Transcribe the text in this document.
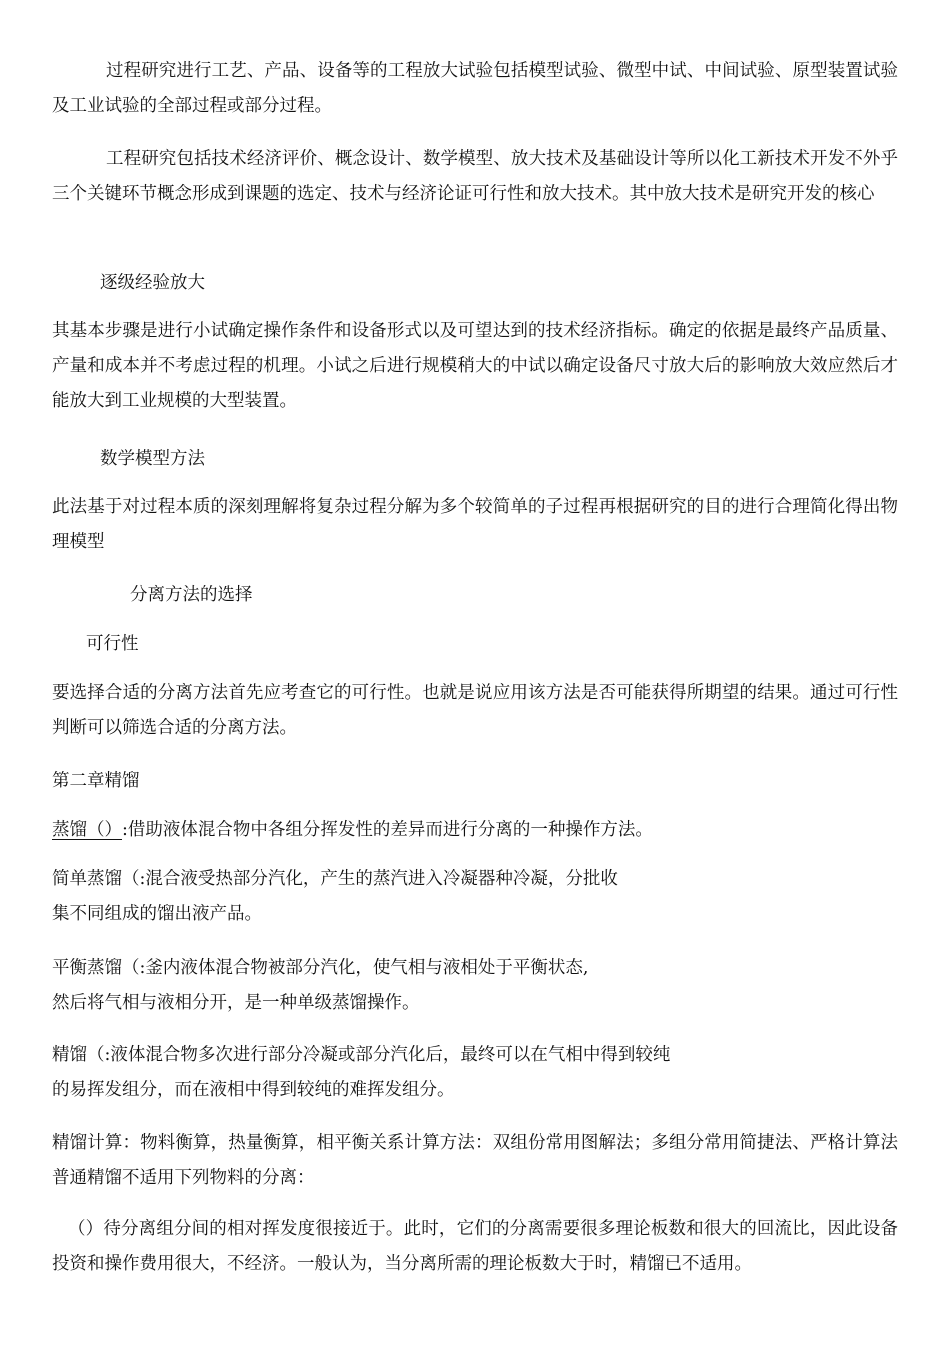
过程研究进行工艺、产品、设备等的工程放大试验包括模型试验、微型中试、中间试验、原型装置试验及工业试验的全部过程或部分过程。

工程研究包括技术经济评价、概念设计、数学模型、放大技术及基础设计等所以化工新技术开发不外乎三个关键环节概念形成到课题的选定、技术与经济论证可行性和放大技术。其中放大技术是研究开发的核心

逐级经验放大

其基本步骤是进行小试确定操作条件和设备形式以及可望达到的技术经济指标。确定的依据是最终产品质量、产量和成本并不考虑过程的机理。小试之后进行规模稍大的中试以确定设备尺寸放大后的影响放大效应然后才能放大到工业规模的大型装置。

数学模型方法

此法基于对过程本质的深刻理解将复杂过程分解为多个较简单的子过程再根据研究的目的进行合理简化得出物理模型

分离方法的选择

可行性

要选择合适的分离方法首先应考查它的可行性。也就是说应用该方法是否可能获得所期望的结果。通过可行性判断可以筛选合适的分离方法。

第二章精馏

蒸馏（）:借助液体混合物中各组分挥发性的差异而进行分离的一种操作方法。

简单蒸馏（:混合液受热部分汽化，产生的蒸汽进入冷凝器种冷凝，分批收

集不同组成的馏出液产品。

平衡蒸馏（:釜内液体混合物被部分汽化，使气相与液相处于平衡状态,

然后将气相与液相分开，是一种单级蒸馏操作。

精馏（:液体混合物多次进行部分冷凝或部分汽化后，最终可以在气相中得到较纯

的易挥发组分，而在液相中得到较纯的难挥发组分。

精馏计算：物料衡算，热量衡算，相平衡关系计算方法：双组份常用图解法；多组分常用简捷法、严格计算法普通精馏不适用下列物料的分离：

（）待分离组分间的相对挥发度很接近于。此时，它们的分离需要很多理论板数和很大的回流比，因此设备投资和操作费用很大，不经济。一般认为，当分离所需的理论板数大于时，精馏已不适用。
